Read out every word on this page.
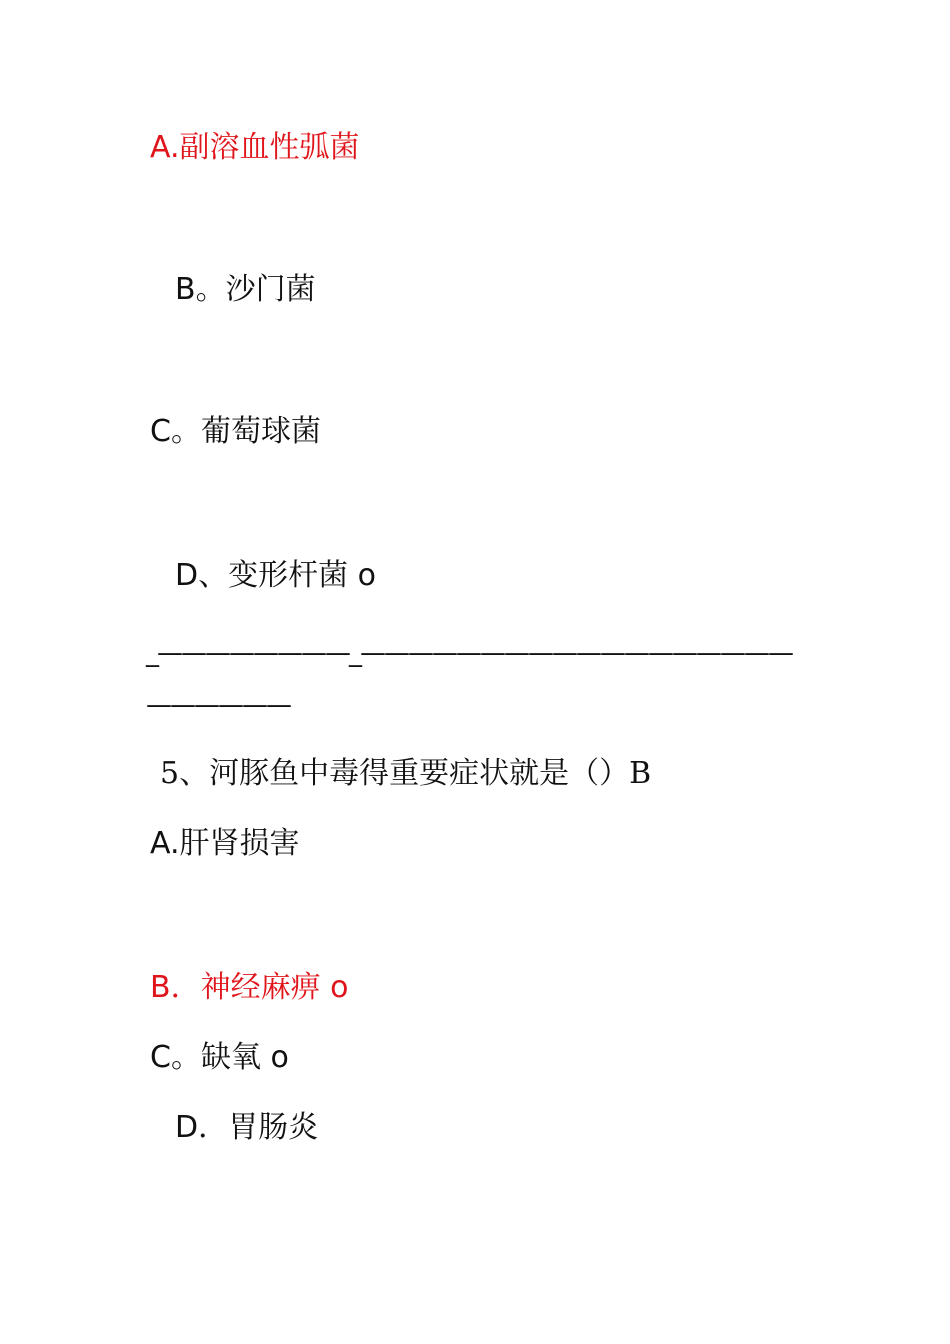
A.副溶血性弧菌
B。沙门菌
C。葡萄球菌
D、变形杆菌 o
_————————_——————————————————
——————
5、河豚鱼中毒得重要症状就是（）B
A.肝肾损害
B．神经麻痹 o
C。缺氧 o
D．胃肠炎
